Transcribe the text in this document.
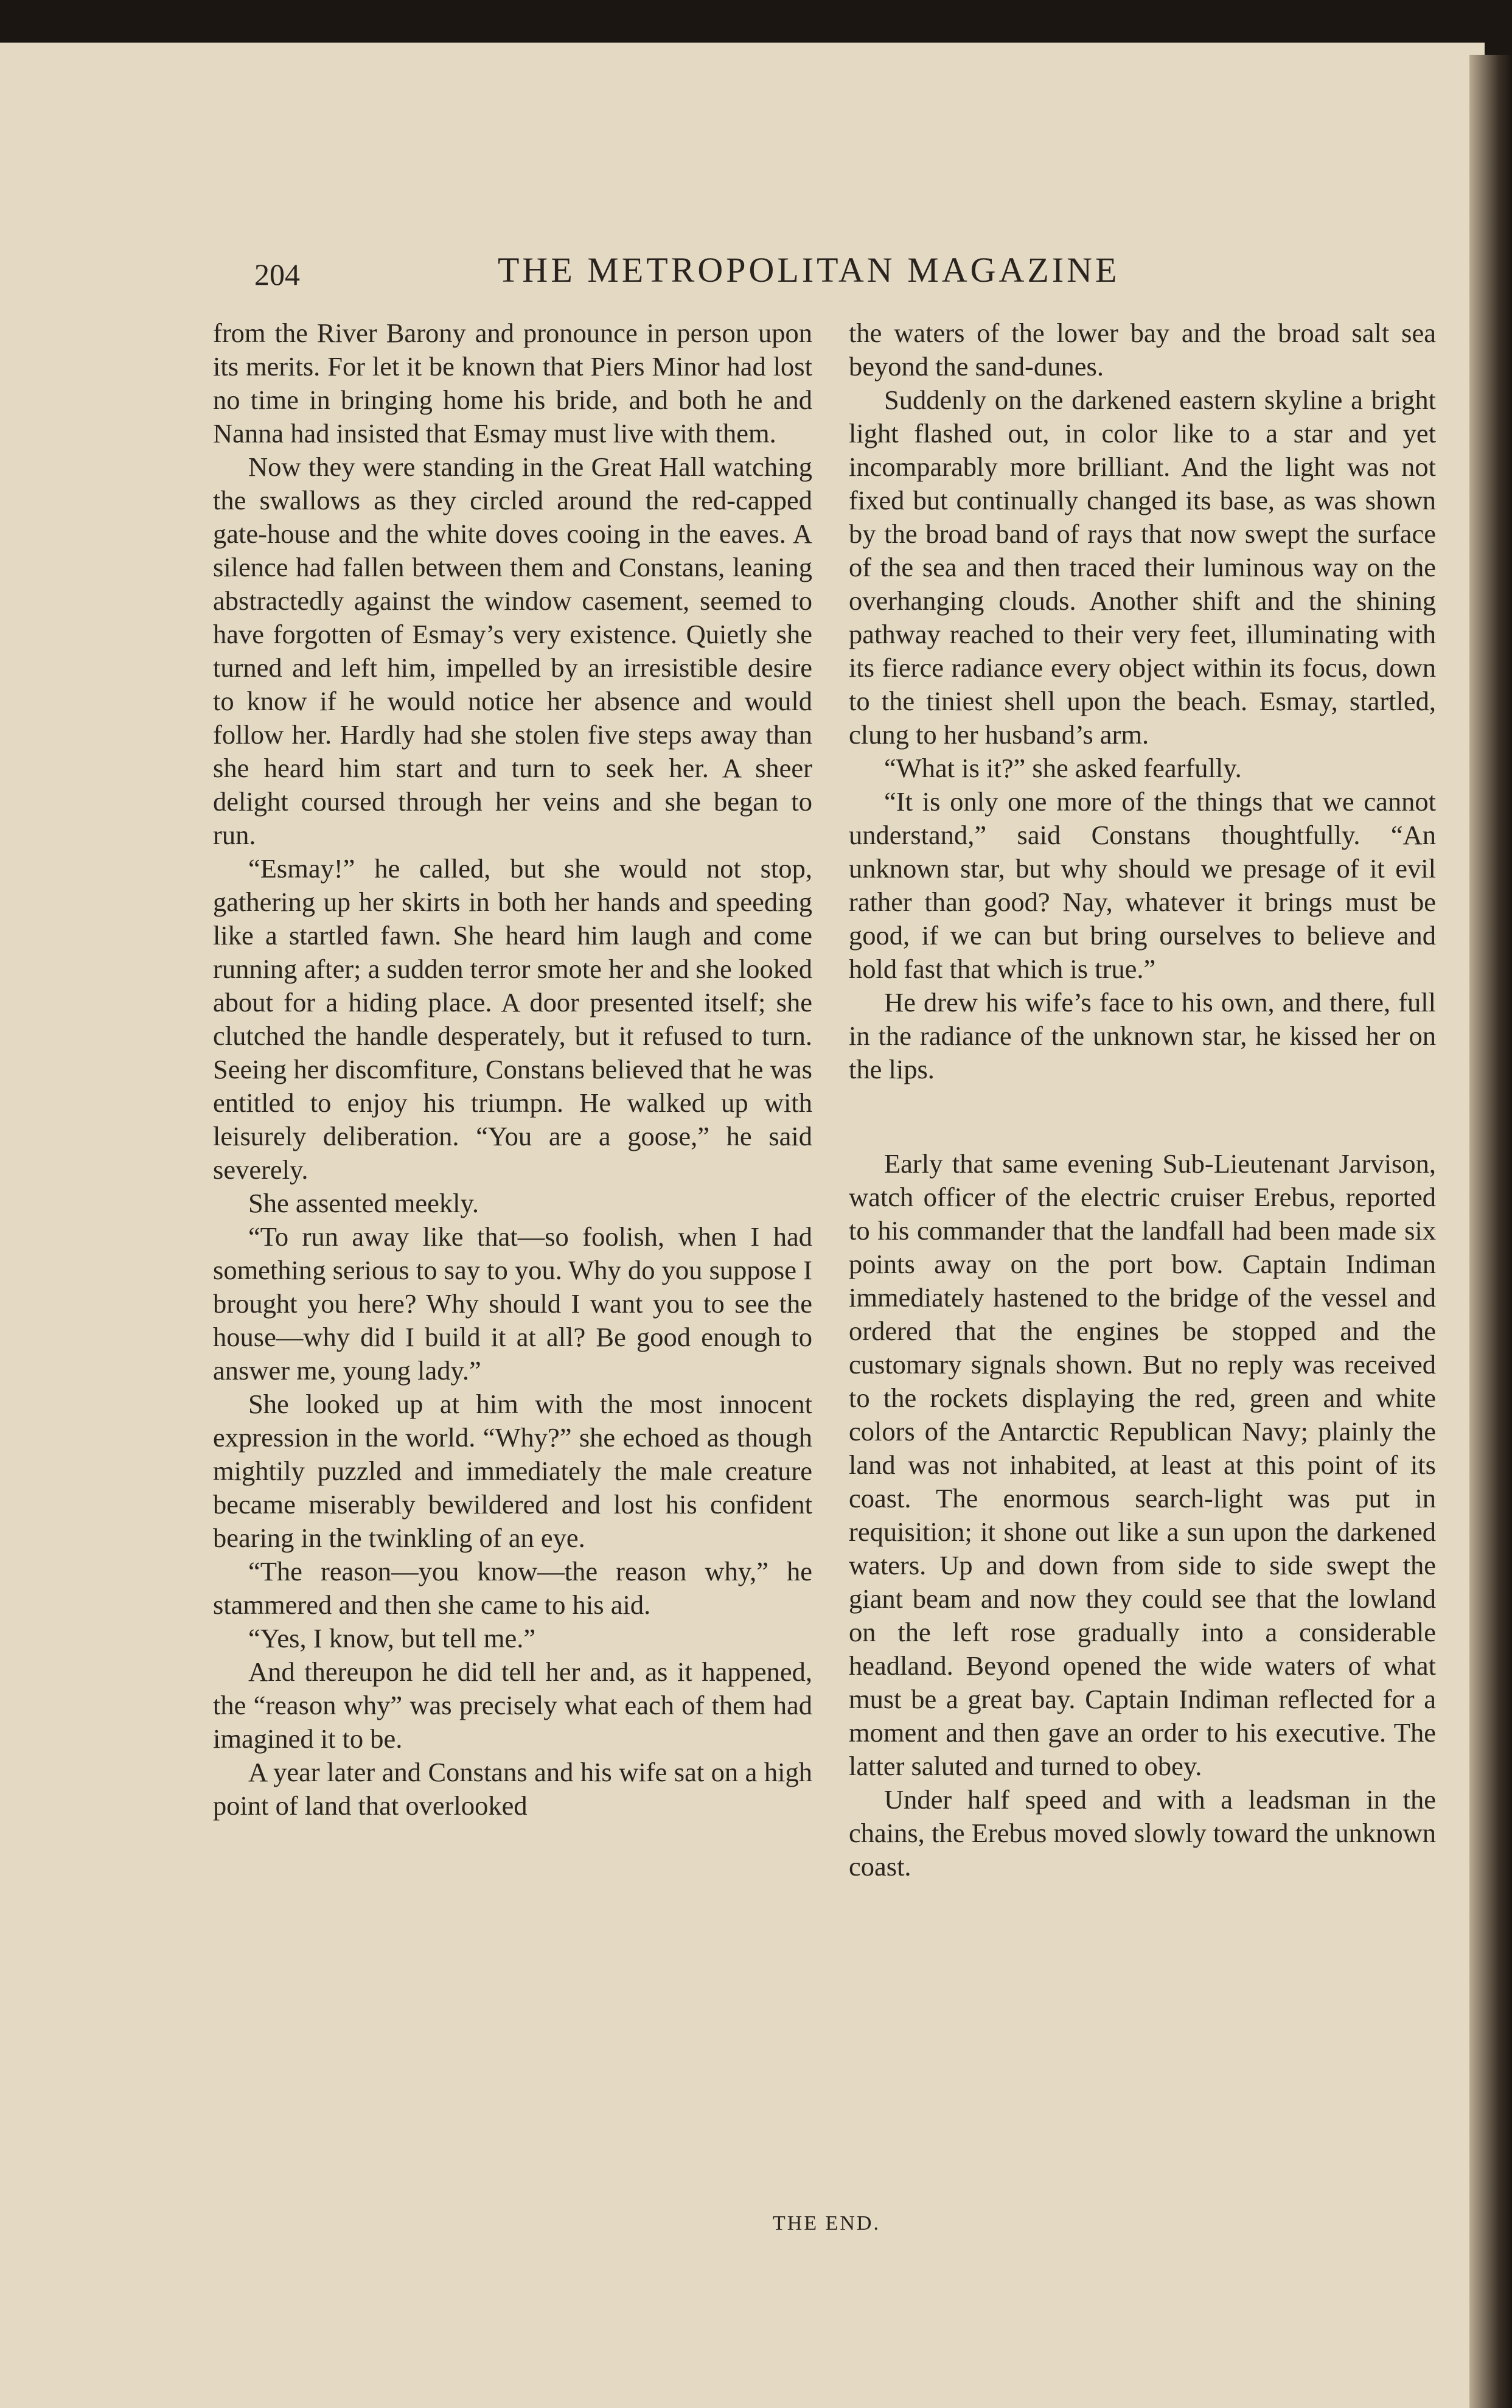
204	THE METROPOLITAN MAGAZINE

from the River Barony and pronounce in person upon its merits. For let it be known that Piers Minor had lost no time in bringing home his bride, and both he and Nanna had insisted that Esmay must live with them.

Now they were standing in the Great Hall watching the swallows as they circled around the red-capped gate-house and the white doves cooing in the eaves. A silence had fallen between them and Constans, leaning abstractedly against the window casement, seemed to have forgotten of Esmay’s very existence. Quietly she turned and left him, impelled by an irresistible desire to know if he would notice her absence and would follow her. Hardly had she stolen five steps away than she heard him start and turn to seek her. A sheer delight coursed through her veins and she began to run.

“Esmay!” he called, but she would not stop, gathering up her skirts in both her hands and speeding like a startled fawn. She heard him laugh and come running after; a sudden terror smote her and she looked about for a hiding place. A door presented itself; she clutched the handle desperately, but it refused to turn. Seeing her discomfiture, Constans believed that he was entitled to enjoy his triumpn. He walked up with leisurely deliberation. “You are a goose,” he said severely.

She assented meekly.

“To run away like that—so foolish, when I had something serious to say to you. Why do you suppose I brought you here? Why should I want you to see the house—why did I build it at all? Be good enough to answer me, young lady.”

She looked up at him with the most innocent expression in the world. “Why?” she echoed as though mightily puzzled and immediately the male creature became miserably bewildered and lost his confident bearing in the twinkling of an eye.

“The reason—you know—the reason why,” he stammered and then she came to his aid.

“Yes, I know, but tell me.”

And thereupon he did tell her and, as it happened, the “reason why” was precisely what each of them had imagined it to be.

A year later and Constans and his wife sat on a high point of land that overlooked

the waters of the lower bay and the broad salt sea beyond the sand-dunes.

Suddenly on the darkened eastern skyline a bright light flashed out, in color like to a star and yet incomparably more brilliant. And the light was not fixed but continually changed its base, as was shown by the broad band of rays that now swept the surface of the sea and then traced their luminous way on the overhanging clouds. Another shift and the shining pathway reached to their very feet, illuminating with its fierce radiance every object within its focus, down to the tiniest shell upon the beach. Esmay, startled, clung to her husband’s arm.

“What is it?” she asked fearfully.

“It is only one more of the things that we cannot understand,” said Constans thoughtfully. “An unknown star, but why should we presage of it evil rather than good? Nay, whatever it brings must be good, if we can but bring ourselves to believe and hold fast that which is true.”

He drew his wife’s face to his own, and there, full in the radiance of the unknown star, he kissed her on the lips.

Early that same evening Sub-Lieutenant Jarvison, watch officer of the electric cruiser Erebus, reported to his commander that the landfall had been made six points away on the port bow. Captain Indiman immediately hastened to the bridge of the vessel and ordered that the engines be stopped and the customary signals shown. But no reply was received to the rockets displaying the red, green and white colors of the Antarctic Republican Navy; plainly the land was not inhabited, at least at this point of its coast. The enormous search-light was put in requisition; it shone out like a sun upon the darkened waters. Up and down from side to side swept the giant beam and now they could see that the lowland on the left rose gradually into a considerable headland. Beyond opened the wide waters of what must be a great bay. Captain Indiman reflected for a moment and then gave an order to his executive. The latter saluted and turned to obey.

Under half speed and with a leadsman in the chains, the Erebus moved slowly toward the unknown coast.

THE END.
